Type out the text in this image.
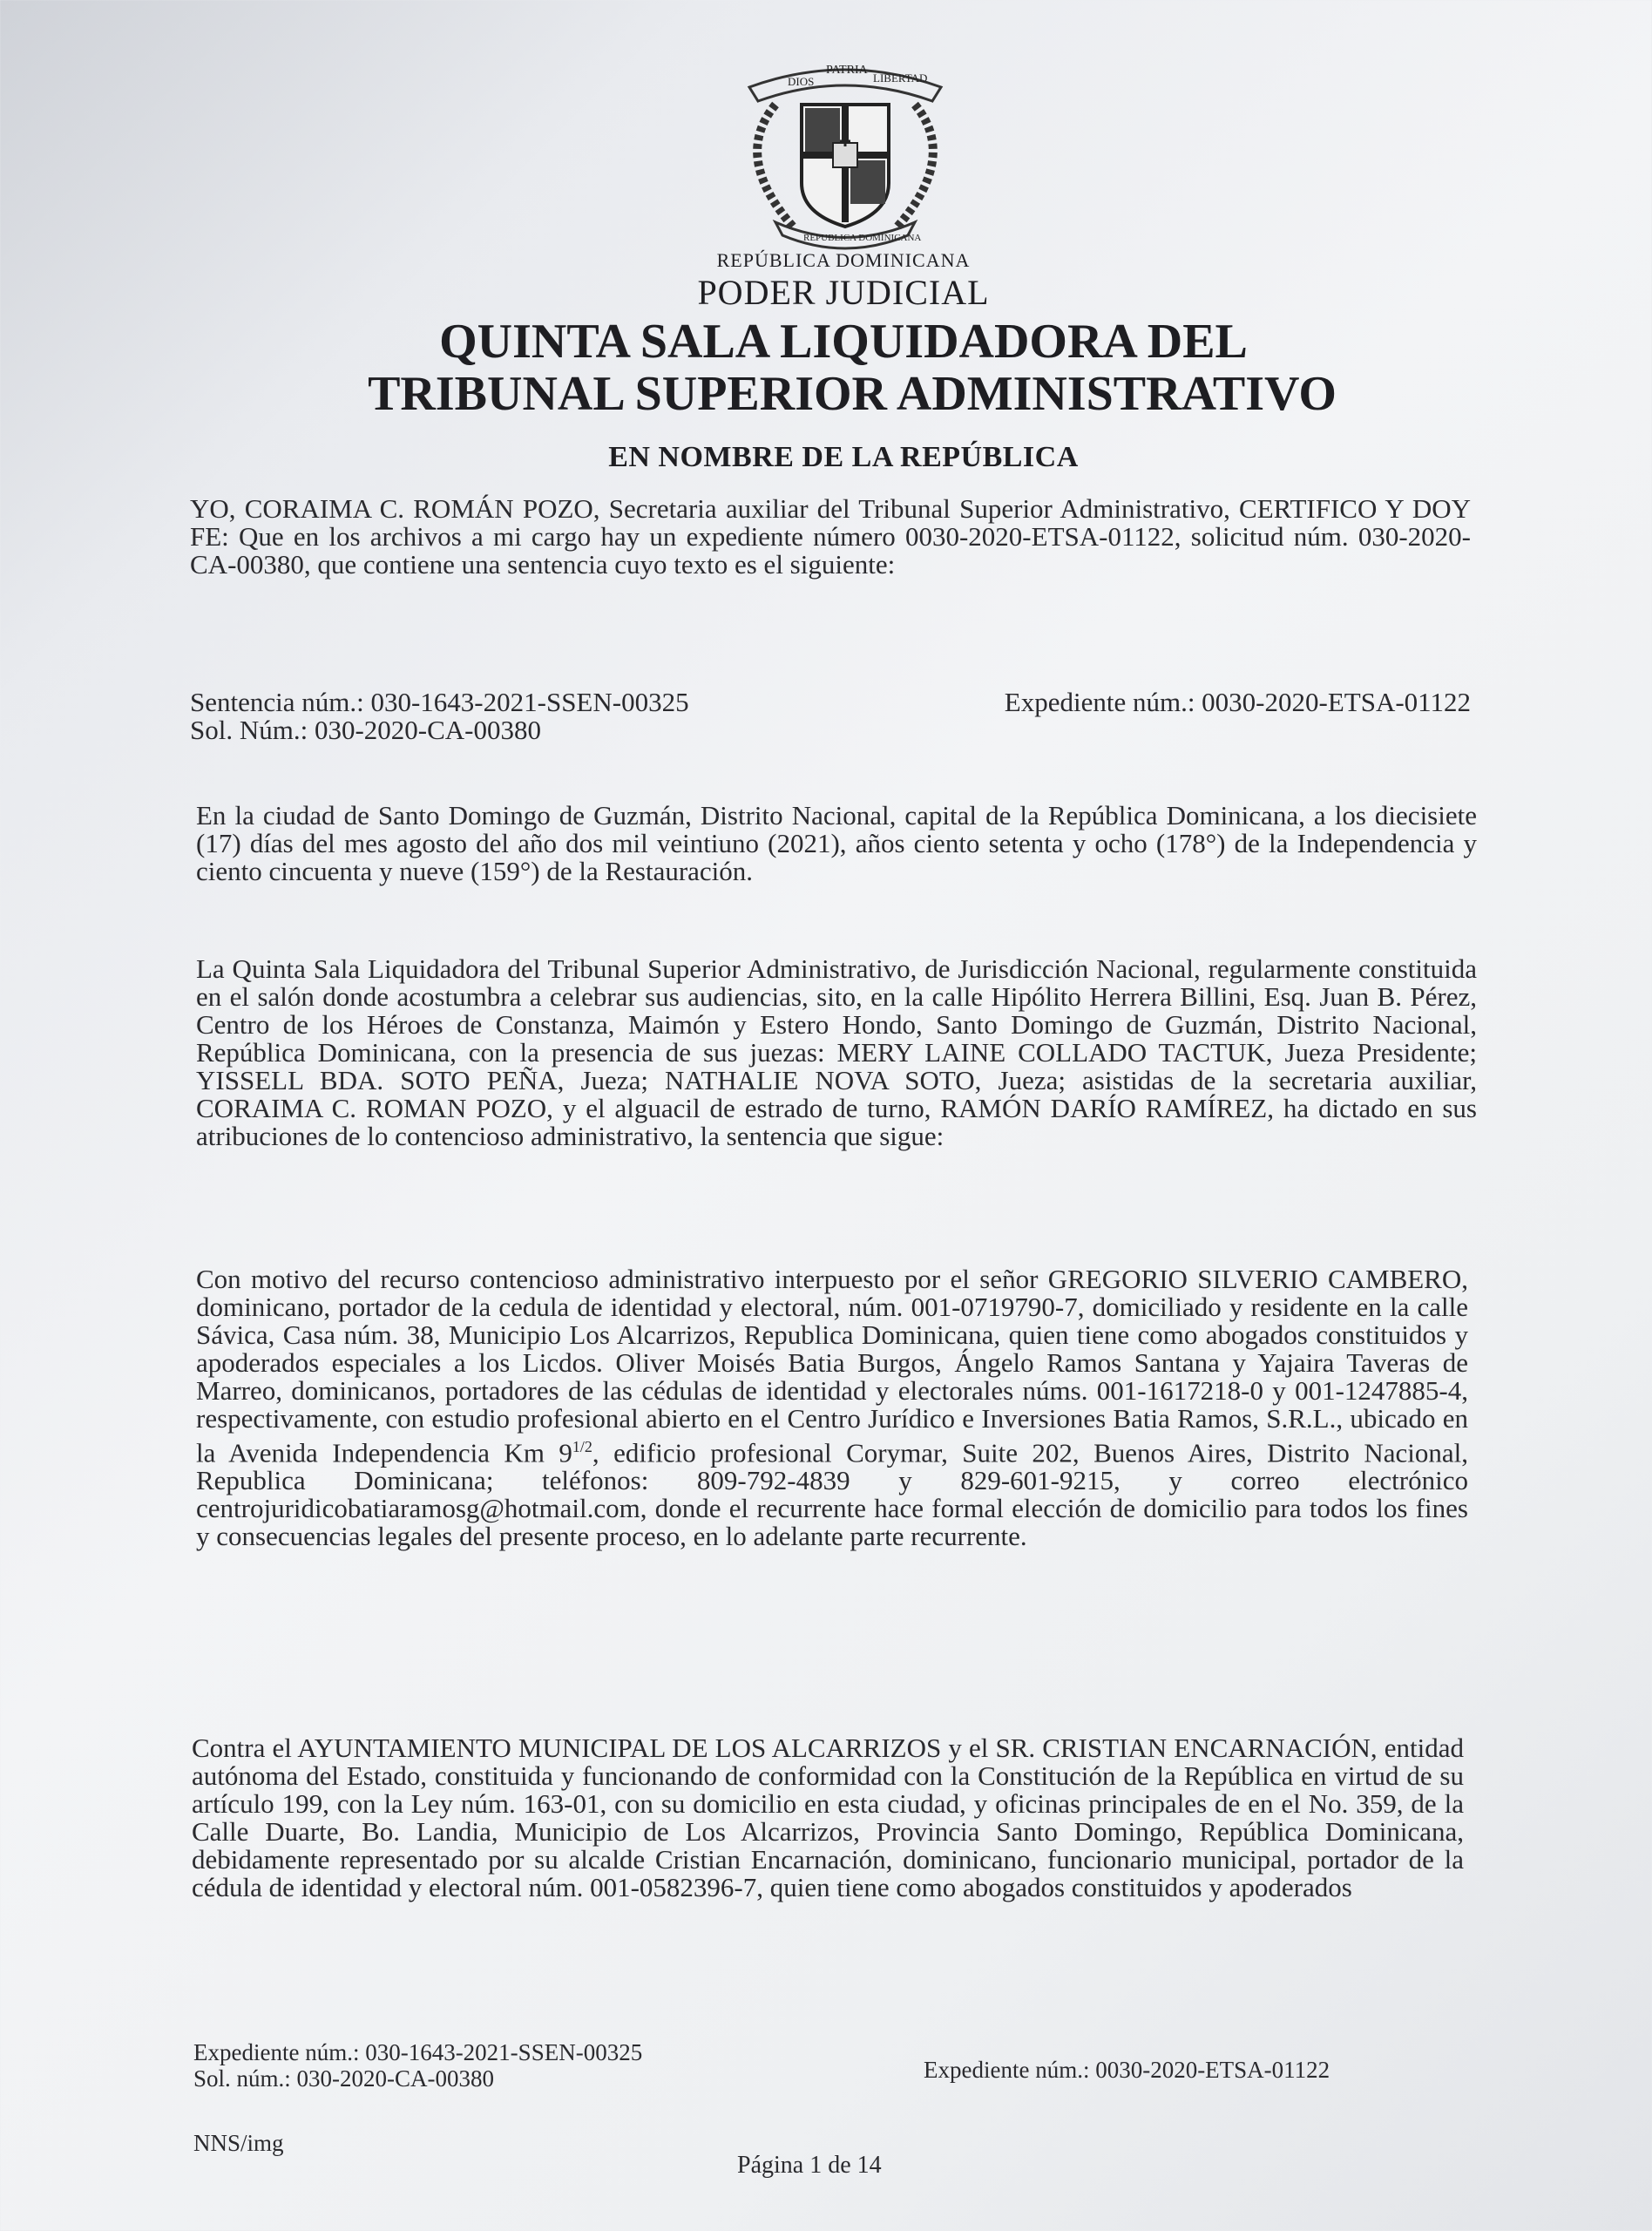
DIOS
PATRIA
LIBERTAD
REPUBLICA DOMINICANA
REPÚBLICA DOMINICANA
PODER JUDICIAL
QUINTA SALA LIQUIDADORA DEL
TRIBUNAL SUPERIOR ADMINISTRATIVO
EN NOMBRE DE LA REPÚBLICA
YO, CORAIMA C. ROMÁN POZO, Secretaria auxiliar del Tribunal Superior Administrativo, CERTIFICO Y DOY FE: Que en los archivos a mi cargo hay un expediente número 0030-2020-ETSA-01122, solicitud núm. 030-2020-CA-00380, que contiene una sentencia cuyo texto es el siguiente:
Sentencia núm.: 030-1643-2021-SSEN-00325	Expediente núm.: 0030-2020-ETSA-01122
Sol. Núm.: 030-2020-CA-00380
En la ciudad de Santo Domingo de Guzmán, Distrito Nacional, capital de la República Dominicana, a los diecisiete (17) días del mes agosto del año dos mil veintiuno (2021), años ciento setenta y ocho (178°) de la Independencia y ciento cincuenta y nueve (159°) de la Restauración.
La Quinta Sala Liquidadora del Tribunal Superior Administrativo, de Jurisdicción Nacional, regularmente constituida en el salón donde acostumbra a celebrar sus audiencias, sito, en la calle Hipólito Herrera Billini, Esq. Juan B. Pérez, Centro de los Héroes de Constanza, Maimón y Estero Hondo, Santo Domingo de Guzmán, Distrito Nacional, República Dominicana, con la presencia de sus juezas: MERY LAINE COLLADO TACTUK, Jueza Presidente; YISSELL BDA. SOTO PEÑA, Jueza; NATHALIE NOVA SOTO, Jueza; asistidas de la secretaria auxiliar, CORAIMA C. ROMAN POZO, y el alguacil de estrado de turno, RAMÓN DARÍO RAMÍREZ, ha dictado en sus atribuciones de lo contencioso administrativo, la sentencia que sigue:
Con motivo del recurso contencioso administrativo interpuesto por el señor GREGORIO SILVERIO CAMBERO, dominicano, portador de la cedula de identidad y electoral, núm. 001-0719790-7, domiciliado y residente en la calle Sávica, Casa núm. 38, Municipio Los Alcarrizos, Republica Dominicana, quien tiene como abogados constituidos y apoderados especiales a los Licdos. Oliver Moisés Batia Burgos, Ángelo Ramos Santana y Yajaira Taveras de Marreo, dominicanos, portadores de las cédulas de identidad y electorales núms. 001-1617218-0 y 001-1247885-4, respectivamente, con estudio profesional abierto en el Centro Jurídico e Inversiones Batia Ramos, S.R.L., ubicado en la Avenida Independencia Km $9^{1/2}$, edificio profesional Corymar, Suite 202, Buenos Aires, Distrito Nacional, Republica Dominicana; teléfonos: 809-792-4839 y 829-601-9215, y correo electrónico centrojuridicobatiaramosg@hotmail.com, donde el recurrente hace formal elección de domicilio para todos los fines y consecuencias legales del presente proceso, en lo adelante parte recurrente.
Contra el AYUNTAMIENTO MUNICIPAL DE LOS ALCARRIZOS y el SR. CRISTIAN ENCARNACIÓN, entidad autónoma del Estado, constituida y funcionando de conformidad con la Constitución de la República en virtud de su artículo 199, con la Ley núm. 163-01, con su domicilio en esta ciudad, y oficinas principales de en el No. 359, de la Calle Duarte, Bo. Landia, Municipio de Los Alcarrizos, Provincia Santo Domingo, República Dominicana, debidamente representado por su alcalde Cristian Encarnación, dominicano, funcionario municipal, portador de la cédula de identidad y electoral núm. 001-0582396-7, quien tiene como abogados constituidos y apoderados
Expediente núm.: 030-1643-2021-SSEN-00325
Sol. núm.: 030-2020-CA-00380	Expediente núm.: 0030-2020-ETSA-01122
NNS/img
Página 1 de 14
